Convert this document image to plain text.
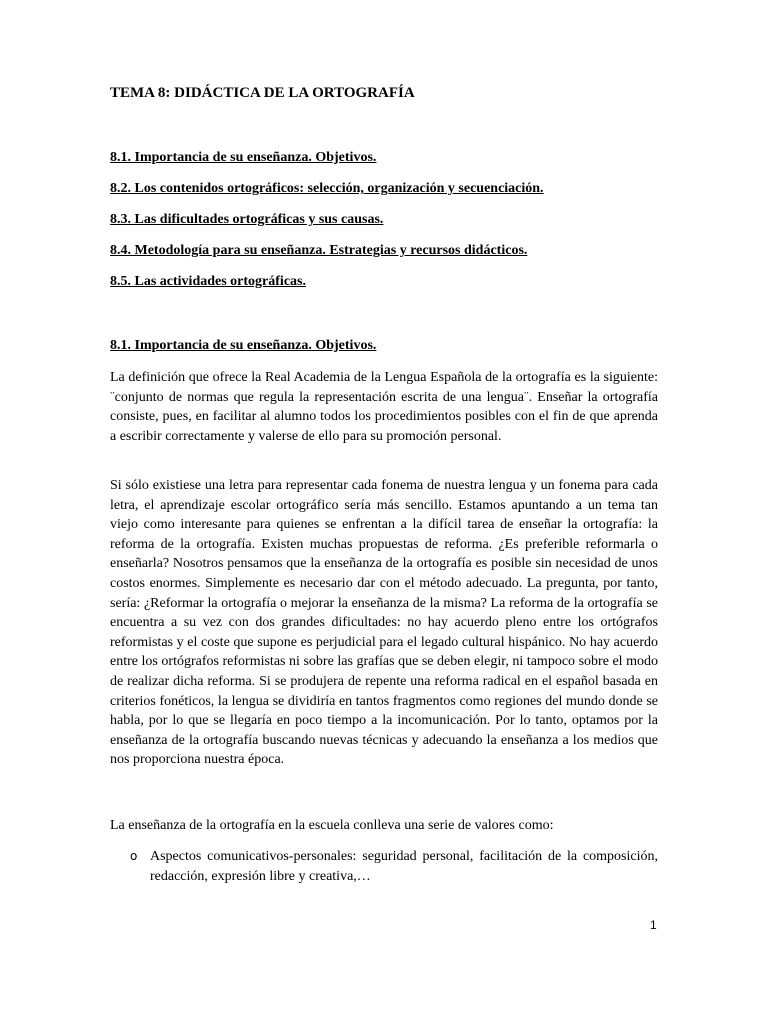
TEMA 8: DIDÁCTICA DE LA ORTOGRAFÍA
8.1. Importancia de su enseñanza. Objetivos.
8.2. Los contenidos ortográficos: selección, organización y secuenciación.
8.3. Las dificultades ortográficas y sus causas.
8.4. Metodología para su enseñanza. Estrategias y recursos didácticos.
8.5. Las actividades ortográficas.
8.1. Importancia de su enseñanza. Objetivos.

La definición que ofrece la Real Academia de la Lengua Española de la ortografía es la siguiente: ¨conjunto de normas que regula la representación escrita de una lengua¨. Enseñar la ortografía consiste, pues, en facilitar al alumno todos los procedimientos posibles con el fin de que aprenda a escribir correctamente y valerse de ello para su promoción personal.

Si sólo existiese una letra para representar cada fonema de nuestra lengua y un fonema para cada letra, el aprendizaje escolar ortográfico sería más sencillo. Estamos apuntando a un tema tan viejo como interesante para quienes se enfrentan a la difícil tarea de enseñar la ortografía: la reforma de la ortografía. Existen muchas propuestas de reforma. ¿Es preferible reformarla o enseñarla? Nosotros pensamos que la enseñanza de la ortografía es posible sin necesidad de unos costos enormes. Simplemente es necesario dar con el método adecuado. La pregunta, por tanto, sería: ¿Reformar la ortografía o mejorar la enseñanza de la misma? La reforma de la ortografía se encuentra a su vez con dos grandes dificultades: no hay acuerdo pleno entre los ortógrafos reformistas y el coste que supone es perjudicial para el legado cultural hispánico. No hay acuerdo entre los ortógrafos reformistas ni sobre las grafías que se deben elegir, ni tampoco sobre el modo de realizar dicha reforma. Si se produjera de repente una reforma radical en el español basada en criterios fonéticos, la lengua se dividiría en tantos fragmentos como regiones del mundo donde se habla, por lo que se llegaría en poco tiempo a la incomunicación. Por lo tanto, optamos por la enseñanza de la ortografía buscando nuevas técnicas y adecuando la enseñanza a los medios que nos proporciona nuestra época.

La enseñanza de la ortografía en la escuela conlleva una serie de valores como:

o Aspectos comunicativos-personales: seguridad personal, facilitación de la composición, redacción, expresión libre y creativa,…
1
